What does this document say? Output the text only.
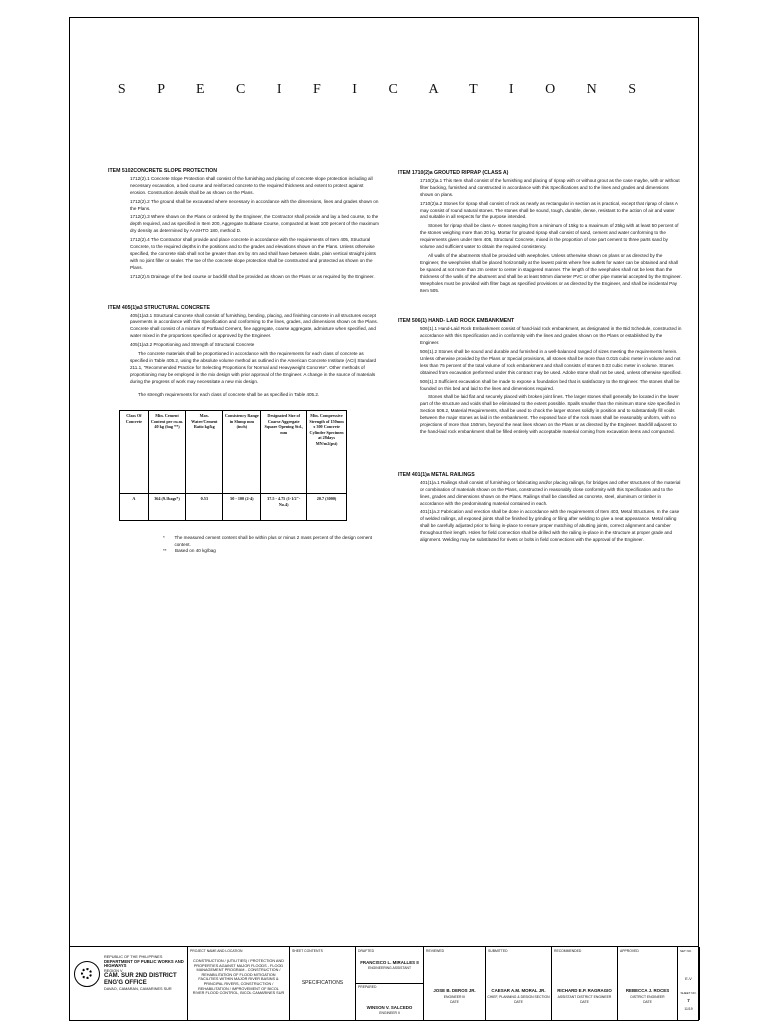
S P E C I F I C A T I O N S
ITEM 5102CONCRETE SLOPE PROTECTION
1712(2).1 Concrete Slope Protection shall consist of the furnishing and placing of concrete slope protection including all necessary excavation, a bed course and reinforced concrete to the required thickness and extent to protect against erosion. Construction details shall be as shown on the Plans.
1712(2).2 The ground shall be excavated where necessary in accordance with the dimensions, lines and grades shown on the Plans.
1712(2).3 Where shown on the Plans or ordered by the Engineer, the Contractor shall provide and lay a bed course, to the depth required, and as specified in Item 200, Aggregate Subbase Course, compacted at least 100 percent of the maximum dry density as determined by AASHTO 180, method D.
1712(2).4 The Contractor shall provide and place concrete in accordance with the requirements of Item 405, Structural Concrete, to the required depths in the positions and to the grades and elevations shown on the Plans. Unless otherwise specified, the concrete slab shall not be greater than 4m by 4m and shall have between slabs, plain vertical straight joints with no joint filler or sealer. The toe of the concrete slope protection shall be constructed and protected as shown on the Plans.
1712(2).5 Drainage of the bed course or backfill shall be provided as shown on the Plans or as required by the Engineer.
ITEM 405(1)a3 STRUCTURAL CONCRETE
405(1)a3.1 Structural Concrete shall consist of furnishing, bending, placing, and finishing concrete in all structures except pavements in accordance with this Specification and conforming to the lines, grades, and dimensions shown on the Plans. Concrete shall consist of a mixture of Portland Cement, fine aggregate, coarse aggregate, admixture when specified, and water mixed in the proportions specified or approved by the Engineer.
405(1)a3.2 Proportioning and Strength of Structural Concrete
The concrete materials shall be proportioned in accordance with the requirements for each class of concrete as specified in Table 405.2, using the absolute volume method as outlined in the American Concrete Institute (ACI) Standard 211.1, "Recommended Practice for Selecting Proportions for Normal and Heavyweight Concrete". Other methods of proportioning may be employed in the mix design with prior approval of the Engineer. A change in the source of materials during the progress of work may necessitate a new mix design.
The strength requirements for each class of concrete shall be as specified in Table 405.2.
Class Of Concrete	Min. Cement Content per cu.m. 40 kg (bag **)	Max. Water/Cement Ratio kg/kg	Consistency Range in Slump mm (inch)	Designated Size of Coarse Aggregate Square Opening Std., mm	Min. Compressive Strength of 150mm x 300 Concrete Cylinder Specimen at 28days MN/m2(psi)
A	364 (9.1bags*)	0.53	50 - 100 (2-4)	37.5 - 4.75 (1-1/2"- No.4)	20.7 (3000)
*	The measured cement content shall be within plus or minus 2 mass percent of the design cement content.
**	Based on 40 kg/bag
ITEM 1710(2)a GROUTED RIPRAP (CLASS A)
1710(2)a.1 This Item shall consist of the furnishing and placing of riprap with or without grout as the case maybe, with or without filter backing, furnished and constructed in accordance with this Specifications and to the lines and grades and dimensions shown on plans.
1710(2)a.2 Stones for riprap shall consist of rock as nearly as rectangular in section as is practical, except that riprap of class A may consist of round natural stones. The stones shall be sound, tough, durable, dense, resistant to the action of air and water and suitable in all respects for the purpose intended.
Stones for riprap shall be class A- stones ranging from a minimum of 15kg to a maximum of 25kg with at least 50 percent of the stones weighing more than 20 kg. Mortar for grouted riprap shall consist of sand, cement and water conforming to the requirements given under Item 405, Structural Concrete, mixed in the proportion of one part cement to three parts sand by volume and sufficient water to obtain the required consistency.
All walls of the abutments shall be provided with weepholes. Unless otherwise shown on plans or as directed by the Engineer, the weepholes shall be placed horizontally at the lowest points where free outlets for water can be obtained and shall be spaced at not more than 2m center to center in staggered manner. The length of the weepholes shall not be less than the thickness of the walls of the abutment and shall be at least 50mm diameter PVC or other pipe material accepted by the Engineer. Weepholes must be provided with filter bags as specified provisions or as directed by the Engineer, and shall be incidental Pay Item 505.
ITEM 506(1) HAND- LAID ROCK EMBANKMENT
506(1).1 Hand-Laid Rock Embankment consist of hand-laid rock embankment, as designated in the Bid Schedule, constructed in accordance with this Specification and in conformity with the lines and grades shown on the Plans or established by the Engineer.
506(1).2 Stones shall be sound and durable and furnished in a well-balanced ranged of sizes meeting the requirements herein. Unless otherwise provided by the Plans or Special provisions, all stones shall be more than 0.015 cubic meter in volume and not less than 75 percent of the total volume of rock embankment and shall consists of stones 0.03 cubic meter in volume. Stones obtained from excavation performed under this contract may be used. Adobe stone shall not be used, unless otherwise specified.
506(1).3 Sufficient excavation shall be made to expose a foundation bed that is satisfactory to the Engineer. The stones shall be founded on this bed and laid to the lines and dimensions required.
Stones shall be laid flat and securely placed with broken joint lines. The larger stones shall generally be located in the lower part of the structure and voids shall be eliminated to the extent possible. Spalls smaller than the minimum stone size specified in Section 506.2, Material Requirements, shall be used to chock the larger stones solidly in position and to substantially fill voids between the major stones as laid in the embankment. The exposed face of the rock mass shall be reasonably uniform, with no projections of more than 150mm, beyond the neat lines shown on the Plans or as directed by the Engineer. Backfill adjacent to the hand-laid rock embankment shall be filled entirely with acceptable material coming from excavation items and compacted.
ITEM 401(1)a METAL RAILINGS
401(1)a.1 Railings shall consist of furnishing or fabricating and/or placing railings, for bridges and other structures of the material or combination of materials shown on the Plans, constructed in reasonably close conformity with this Specification and to the lines, grades and dimensions shown on the Plans. Railings shall be classified as concrete, steel, aluminum or timber in accordance with the predominating material contained in each.
401(1)a.2 Fabrication and erection shall be done in accordance with the requirements of Item 403, Metal Structures. In the case of welded railings, all exposed joints shall be finished by grinding or filing after welding to give a neat appearance. Metal railing shall be carefully adjusted prior to fixing in-place to ensure proper matching of abutting joints, correct alignment and camber throughout their length. Holes for field connection shall be drilled with the railing in-place in the structure at proper grade and alignment. Welding may be substituted for rivets or bolts in field connections with the approval of the Engineer.
REPUBLIC OF THE PHILIPPINES
DEPARTMENT OF PUBLIC WORKS AND HIGHWAYS
REGION V
CAM. SUR 2ND DISTRICT ENG'G OFFICE
DAVAO, CAMARAN, CAMARINES SUR
PROJECT NAME AND LOCATION
CONSTRUCTION / (UTILITIES) / PROTECTION AND PROPERTIES AGAINST MAJOR FLOODS - FLOOD MANAGEMENT PROGRAM - CONSTRUCTION / REHABILITATION OF FLOOD MITIGATION FACILITIES WITHIN MAJOR RIVER BASINS & PRINCIPAL RIVERS, CONSTRUCTION / REHABILITATION / IMPROVEMENT OF BICOL RIVER FLOOD CONTROL, BICOL CAMARINES SUR
SHEET CONTENTS
SPECIFICATIONS
DRAFTED
FRANCISCO L. MIRALLES II
ENGINEERING ASSISTANT
PREPARED
WINSON V. SALCEDO
ENGINEER II
REVIEWED
JOSE B. DEROS JR.
ENGINEER III
DATE
SUBMITTED
CAESAR A.M. MORAL JR.
CHIEF, PLANNING & DESIGN SECTION
DATE
RECOMMENDED
RICHARD E.P. RAGRAGIO
ASSISTANT DISTRICT ENGINEER
DATE
APPROVED
REBECCA J. ROCES
DISTRICT ENGINEER
DATE
SET NO.
E-V
SHEET NO.
7
11/19
